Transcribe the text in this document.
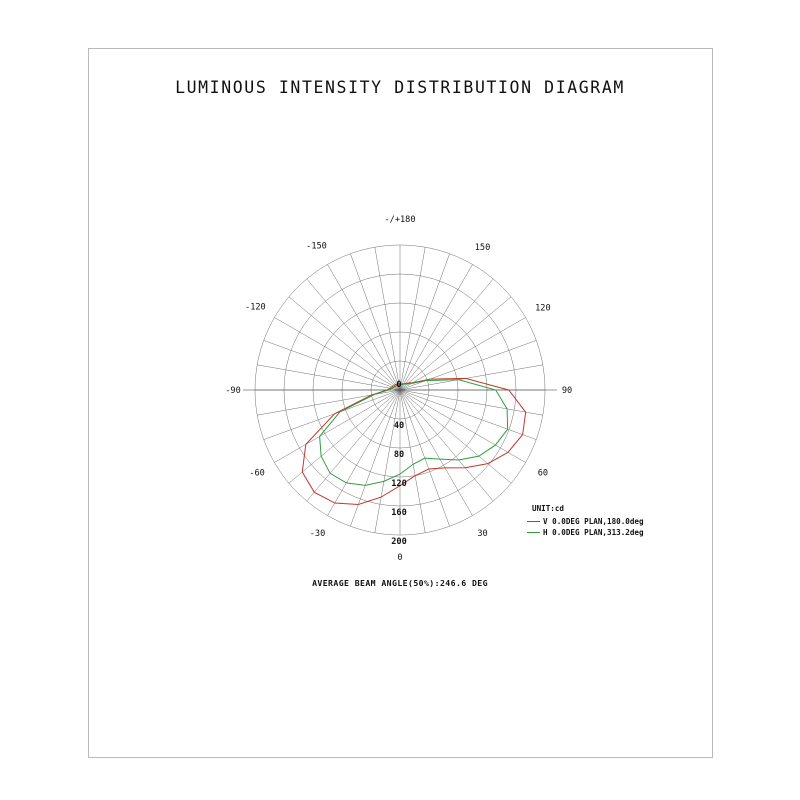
LUMINOUS INTENSITY DISTRIBUTION DIAGRAM
-/+180
150
120
90
60
30
0
-30
-60
-90
-120
-150
0
40
80
120
160
200
UNIT:cd
V 0.0DEG PLAN,180.0deg
H 0.0DEG PLAN,313.2deg
AVERAGE BEAM ANGLE(50%):246.6 DEG
